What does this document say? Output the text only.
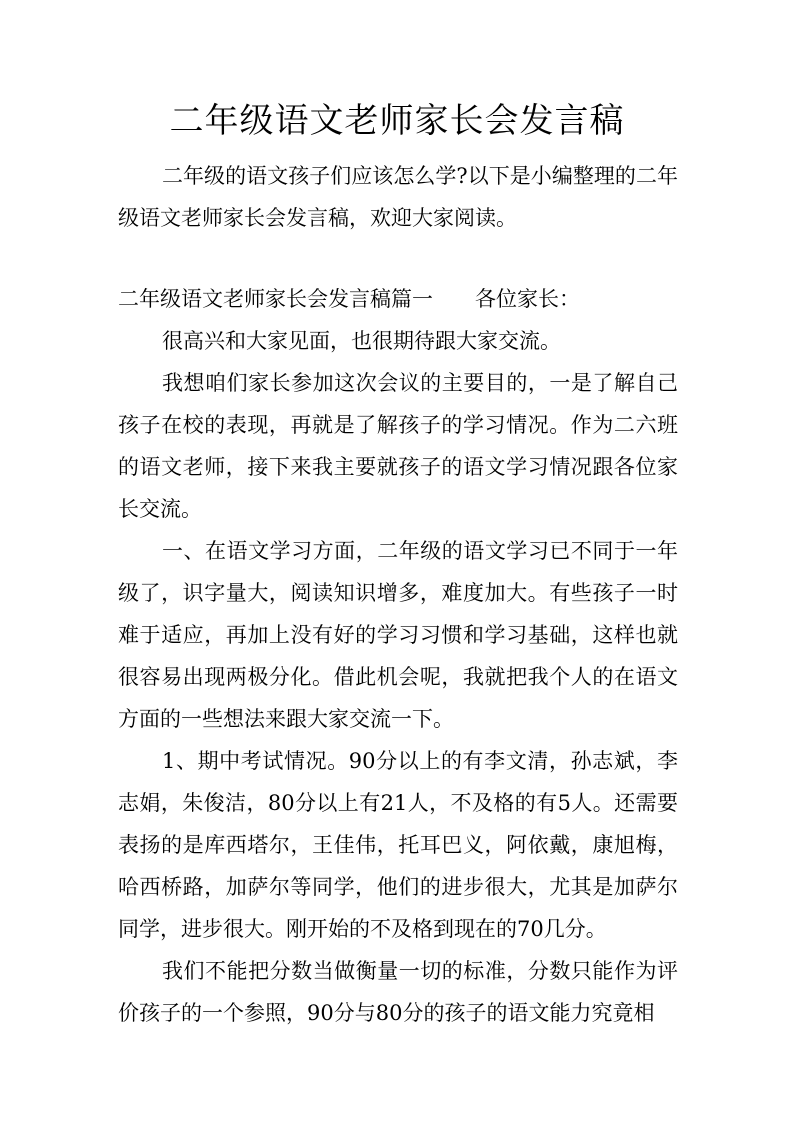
二年级语文老师家长会发言稿

二年级的语文孩子们应该怎么学?以下是小编整理的二年级语文老师家长会发言稿，欢迎大家阅读。

二年级语文老师家长会发言稿篇一 各位家长：

很高兴和大家见面，也很期待跟大家交流。

我想咱们家长参加这次会议的主要目的，一是了解自己孩子在校的表现，再就是了解孩子的学习情况。作为二六班的语文老师，接下来我主要就孩子的语文学习情况跟各位家长交流。

一、在语文学习方面，二年级的语文学习已不同于一年级了，识字量大，阅读知识增多，难度加大。有些孩子一时难于适应，再加上没有好的学习习惯和学习基础，这样也就很容易出现两极分化。借此机会呢，我就把我个人的在语文方面的一些想法来跟大家交流一下。

1、期中考试情况。90分以上的有李文清，孙志斌，李志娟，朱俊洁，80分以上有21人，不及格的有5人。还需要表扬的是库西塔尔，王佳伟，托耳巴义，阿依戴，康旭梅，哈西桥路，加萨尔等同学，他们的进步很大，尤其是加萨尔同学，进步很大。刚开始的不及格到现在的70几分。

我们不能把分数当做衡量一切的标准，分数只能作为评价孩子的一个参照，90分与80分的孩子的语文能力究竟相
